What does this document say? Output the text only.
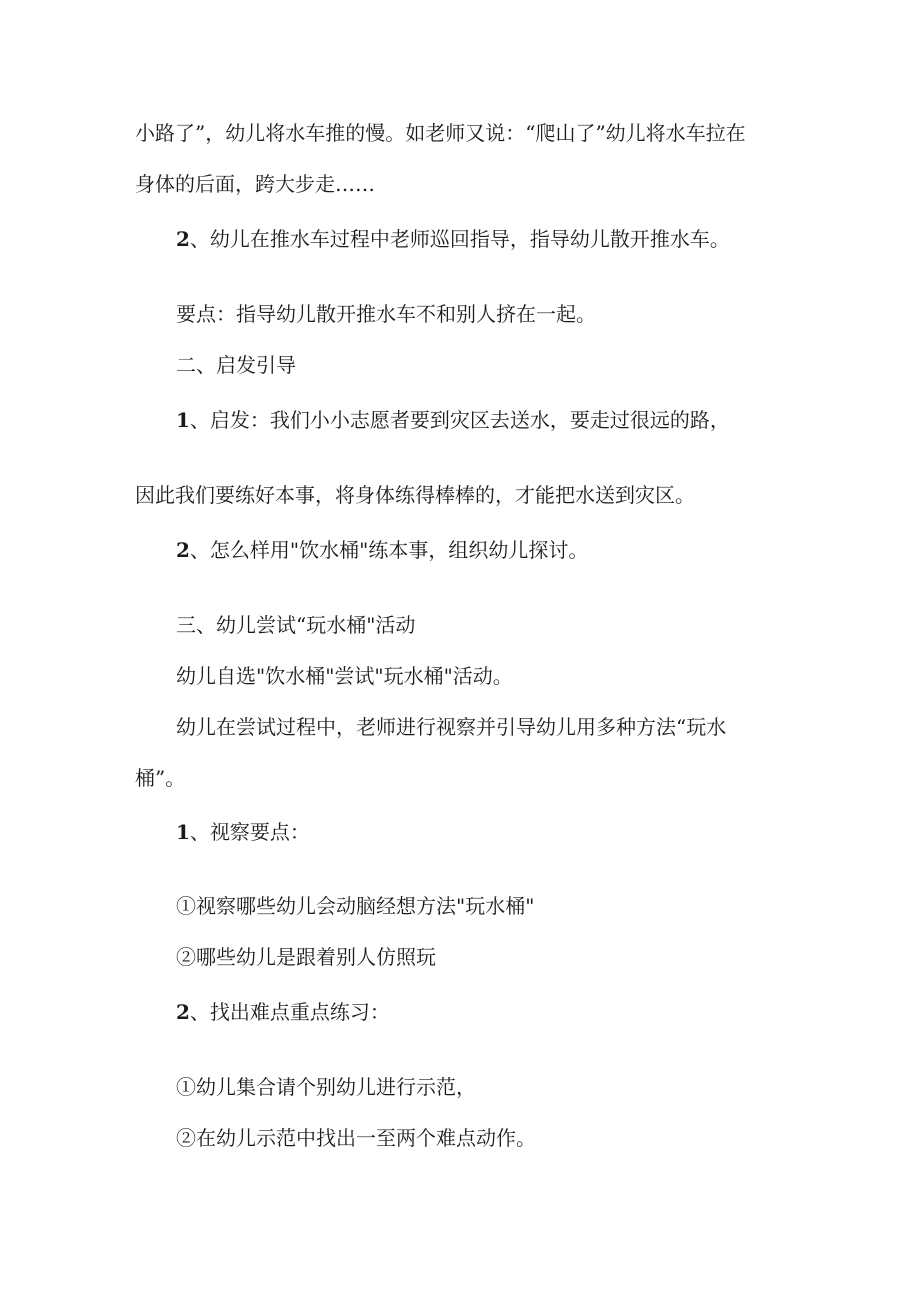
小路了”，幼儿将水车推的慢。如老师又说：“爬山了”幼儿将水车拉在

身体的后面，跨大步走……

2、幼儿在推水车过程中老师巡回指导，指导幼儿散开推水车。

要点：指导幼儿散开推水车不和别人挤在一起。

二、启发引导

1、启发：我们小小志愿者要到灾区去送水，要走过很远的路，

因此我们要练好本事，将身体练得棒棒的，才能把水送到灾区。

2、怎么样用"饮水桶"练本事，组织幼儿探讨。

三、幼儿尝试“玩水桶"活动

幼儿自选"饮水桶"尝试"玩水桶"活动。

幼儿在尝试过程中，老师进行视察并引导幼儿用多种方法“玩水

桶”。

1、视察要点：

①视察哪些幼儿会动脑经想方法"玩水桶"

②哪些幼儿是跟着别人仿照玩

2、找出难点重点练习：

①幼儿集合请个别幼儿进行示范，

②在幼儿示范中找出一至两个难点动作。
